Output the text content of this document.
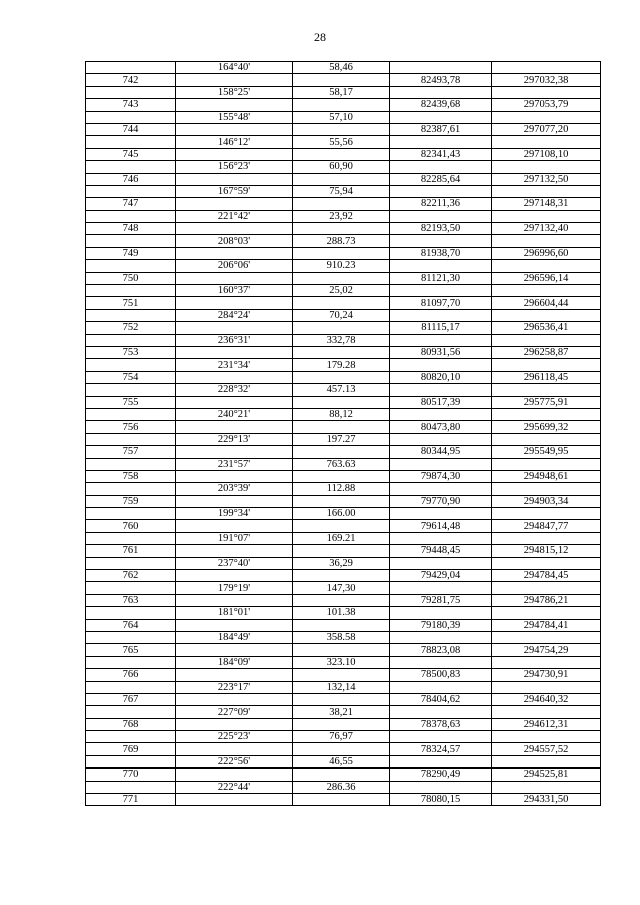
28
	164°40'	58,46		
742			82493,78	297032,38
	158°25'	58,17		
743			82439,68	297053,79
	155°48'	57,10		
744			82387,61	297077,20
	146°12'	55,56		
745			82341,43	297108,10
	156°23'	60,90		
746			82285,64	297132,50
	167°59'	75,94		
747			82211,36	297148,31
	221°42'	23,92		
748			82193,50	297132,40
	208°03'	288.73		
749			81938,70	296996,60
	206°06'	910.23		
750			81121,30	296596,14
	160°37'	25,02		
751			81097,70	296604,44
	284°24'	70,24		
752			81115,17	296536,41
	236°31'	332,78		
753			80931,56	296258,87
	231°34'	179.28		
754			80820,10	296118,45
	228°32'	457.13		
755			80517,39	295775,91
	240°21'	88,12		
756			80473,80	295699,32
	229°13'	197.27		
757			80344,95	295549,95
	231°57'	763.63		
758			79874,30	294948,61
	203°39'	112.88		
759			79770,90	294903,34
	199°34'	166.00		
760			79614,48	294847,77
	191°07'	169.21		
761			79448,45	294815,12
	237°40'	36,29		
762			79429,04	294784,45
	179°19'	147,30		
763			79281,75	294786,21
	181°01'	101.38		
764			79180,39	294784,41
	184°49'	358.58		
765			78823,08	294754,29
	184°09'	323.10		
766			78500,83	294730,91
	223°17'	132,14		
767			78404,62	294640,32
	227°09'	38,21		
768			78378,63	294612,31
	225°23'	76,97		
769			78324,57	294557,52
	222°56'	46,55		
770			78290,49	294525,81
	222°44'	286.36		
771			78080,15	294331,50
